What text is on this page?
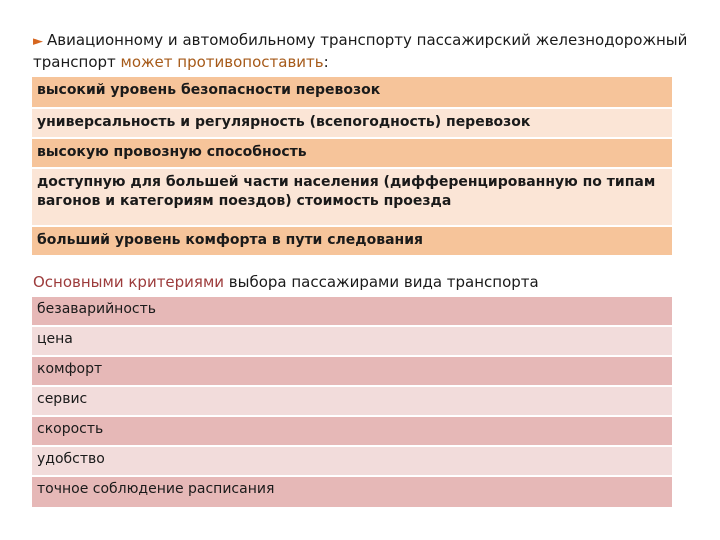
► Авиационному и автомобильному транспорту пассажирский железнодорожный транспорт может противопоставить:
высокий уровень безопасности перевозок
универсальность и регулярность (всепогодность) перевозок
высокую провозную способность
доступную для большей части населения (дифференцированную по типам вагонов и категориям поездов) стоимость проезда
больший уровень комфорта в пути следования
Основными критериями выбора пассажирами вида транспорта
безаварийность
цена
комфорт
сервис
скорость
удобство
точное соблюдение расписания
